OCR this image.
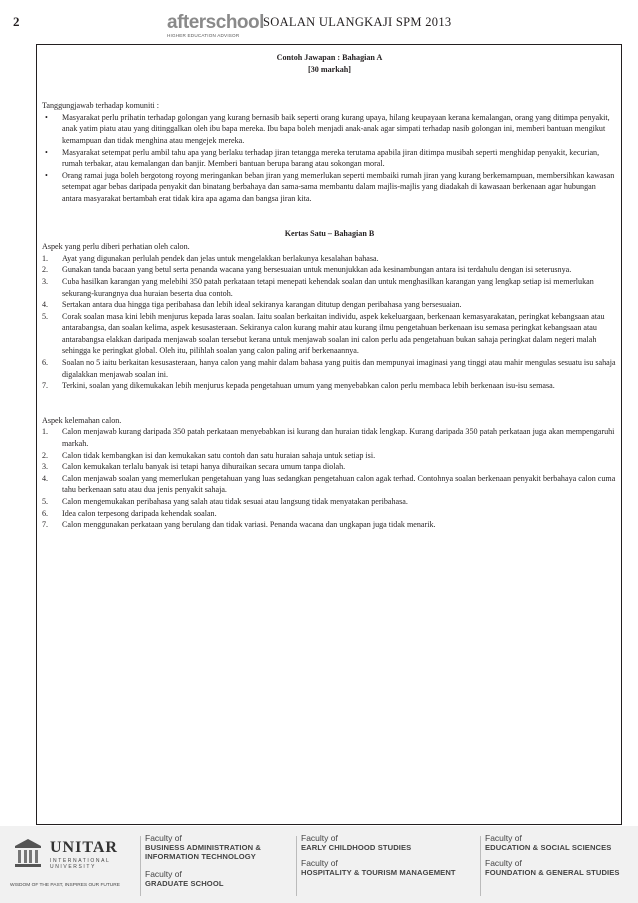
2	afterschool
HIGHER EDUCATION ADVISOR
SOALAN ULANGKAJI SPM 2013
Contoh Jawapan : Bahagian A
[30 markah]
Tanggungjawab terhadap komuniti :
• Masyarakat perlu prihatin terhadap golongan yang kurang bernasib baik seperti orang kurang upaya, hilang keupayaan kerana kemalangan, orang yang ditimpa penyakit, anak yatim piatu atau yang ditinggalkan oleh ibu bapa mereka. Ibu bapa boleh menjadi anak-anak agar simpati terhadap nasib golongan ini, memberi bantuan mengikut kemampuan dan tidak menghina atau mengejek mereka.
• Masyarakat setempat perlu ambil tahu apa yang berlaku terhadap jiran tetangga mereka terutama apabila jiran ditimpa musibah seperti menghidap penyakit, kecurian, rumah terbakar, atau kemalangan dan banjir. Memberi bantuan berupa barang atau sokongan moral.
• Orang ramai juga boleh bergotong royong meringankan beban jiran yang memerlukan seperti membaiki rumah jiran yang kurang berkemampuan, membersihkan kawasan setempat agar bebas daripada penyakit dan binatang berbahaya dan sama-sama membantu dalam majlis-majlis yang diadakah di kawasaan berkenaan agar hubungan antara masyarakat bertambah erat tidak kira apa agama dan bangsa jiran kita.
Kertas Satu – Bahagian B
Aspek yang perlu diberi perhatian oleh calon.
1. Ayat yang digunakan perlulah pendek dan jelas untuk mengelakkan berlakunya kesalahan bahasa.
2. Gunakan tanda bacaan yang betul serta penanda wacana yang bersesuaian untuk menunjukkan ada kesinambungan antara isi terdahulu dengan isi seterusnya.
3. Cuba hasilkan karangan yang melebihi 350 patah perkataan tetapi menepati kehendak soalan dan untuk menghasilkan karangan yang lengkap setiap isi memerlukan sekurang-kurangnya dua huraian beserta dua contoh.
4. Sertakan antara dua hingga tiga peribahasa dan lebih ideal sekiranya karangan ditutup dengan peribahasa yang bersesuaian.
5. Corak soalan masa kini lebih menjurus kepada laras soalan. Iaitu soalan berkaitan individu, aspek kekeluargaan, berkenaan kemasyarakatan, peringkat kebangsaan atau antarabangsa, dan soalan kelima, aspek kesusasteraan. Sekiranya calon kurang mahir atau kurang ilmu pengetahuan berkenaan isu semasa peringkat kebangsaan atau antarabangsa elakkan daripada menjawab soalan tersebut kerana untuk menjawab soalan ini calon perlu ada pengetahuan bukan sahaja peringkat dalam negeri malah sehingga ke peringkat global. Oleh itu, pilihlah soalan yang calon paling arif berkenaannya.
6. Soalan no 5 iaitu berkaitan kesusasteraan, hanya calon yang mahir dalam bahasa yang puitis dan mempunyai imaginasi yang tinggi atau mahir mengulas sesuatu isu sahaja digalakkan menjawab soalan ini.
7. Terkini, soalan yang dikemukakan lebih menjurus kepada pengetahuan umum yang menyebabkan calon perlu membaca lebih berkenaan isu-isu semasa.
Aspek kelemahan calon.
1. Calon menjawab kurang daripada 350 patah perkataan menyebabkan isi kurang dan huraian tidak lengkap. Kurang daripada 350 patah perkataan juga akan mempengaruhi markah.
2. Calon tidak kembangkan isi dan kemukakan satu contoh dan satu huraian sahaja untuk setiap isi.
3. Calon kemukakan terlalu banyak isi tetapi hanya dihuraikan secara umum tanpa diolah.
4. Calon menjawab soalan yang memerlukan pengetahuan yang luas sedangkan pengetahuan calon agak terhad. Contohnya soalan berkenaan penyakit berbahaya calon cuma tahu berkenaan satu atau dua jenis penyakit sahaja.
5. Calon mengemukakan peribahasa yang salah atau tidak sesuai atau langsung tidak menyatakan peribahasa.
6. Idea calon terpesong daripada kehendak soalan.
7. Calon menggunakan perkataan yang berulang dan tidak variasi. Penanda wacana dan ungkapan juga tidak menarik.
UNITAR
INTERNATIONAL UNIVERSITY
WISDOM OF THE PAST, INSPIRES OUR FUTURE
Faculty of
BUSINESS ADMINISTRATION & INFORMATION TECHNOLOGY
Faculty of
GRADUATE SCHOOL
Faculty of
EARLY CHILDHOOD STUDIES
Faculty of
HOSPITALITY & TOURISM MANAGEMENT
Faculty of
EDUCATION & SOCIAL SCIENCES
Faculty of
FOUNDATION & GENERAL STUDIES
